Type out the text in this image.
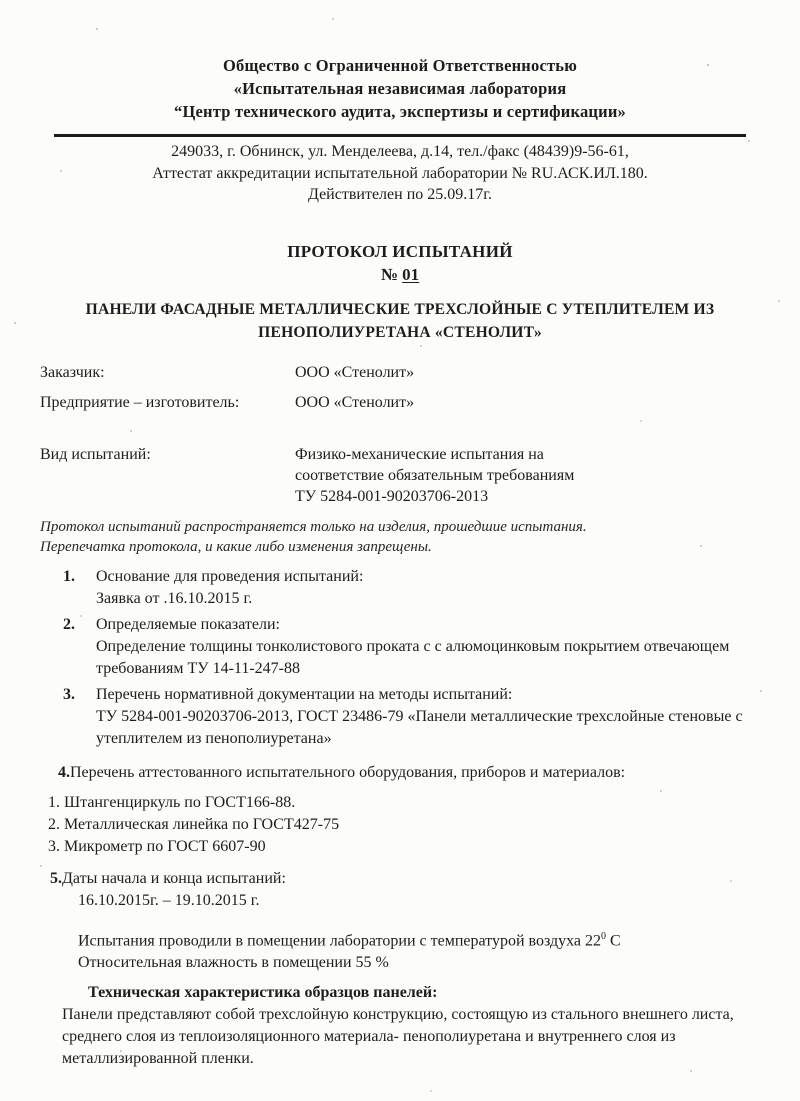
Общество с Ограниченной Ответственностью
«Испытательная независимая лаборатория
“Центр технического аудита, экспертизы и сертификации»
249033, г. Обнинск, ул. Менделеева, д.14, тел./факс (48439)9-56-61,
Аттестат аккредитации испытательной лаборатории № RU.АСК.ИЛ.180.
Действителен по 25.09.17г.
ПРОТОКОЛ ИСПЫТАНИЙ
№ 01
ПАНЕЛИ ФАСАДНЫЕ МЕТАЛЛИЧЕСКИЕ ТРЕХСЛОЙНЫЕ С УТЕПЛИТЕЛЕМ ИЗ
ПЕНОПОЛИУРЕТАНА «СТЕНОЛИТ»
Заказчик:	ООО «Стенолит»
Предприятие – изготовитель:	ООО «Стенолит»
Вид испытаний:	Физико-механические испытания на
соответствие обязательным требованиям
ТУ 5284-001-90203706-2013
Протокол испытаний распространяется только на изделия, прошедшие испытания.
Перепечатка протокола, и какие либо изменения запрещены.
1.	Основание для проведения испытаний:
Заявка от .16.10.2015 г.
2.	Определяемые показатели:
Определение толщины тонколистового проката с с алюмоцинковым покрытием отвечающем требованиям ТУ 14-11-247-88
3.	Перечень нормативной документации на методы испытаний:
ТУ 5284-001-90203706-2013, ГОСТ 23486-79 «Панели металлические трехслойные стеновые с утеплителем из пенополиуретана»
4.Перечень аттестованного испытательного оборудования, приборов и материалов:
1. Штангенциркуль по ГОСТ166-88.
2. Металлическая линейка по ГОСТ427-75
3. Микрометр по ГОСТ 6607-90
5.Даты начала и конца испытаний:
16.10.2015г. – 19.10.2015 г.
Испытания проводили в помещении лаборатории с температурой воздуха $22^0$ С
Относительная влажность в помещении 55 %
Техническая характеристика образцов панелей:
Панели представляют собой трехслойную конструкцию, состоящую из стального внешнего листа, среднего слоя из теплоизоляционного материала- пенополиуретана и внутреннего слоя из металлизированной пленки.
